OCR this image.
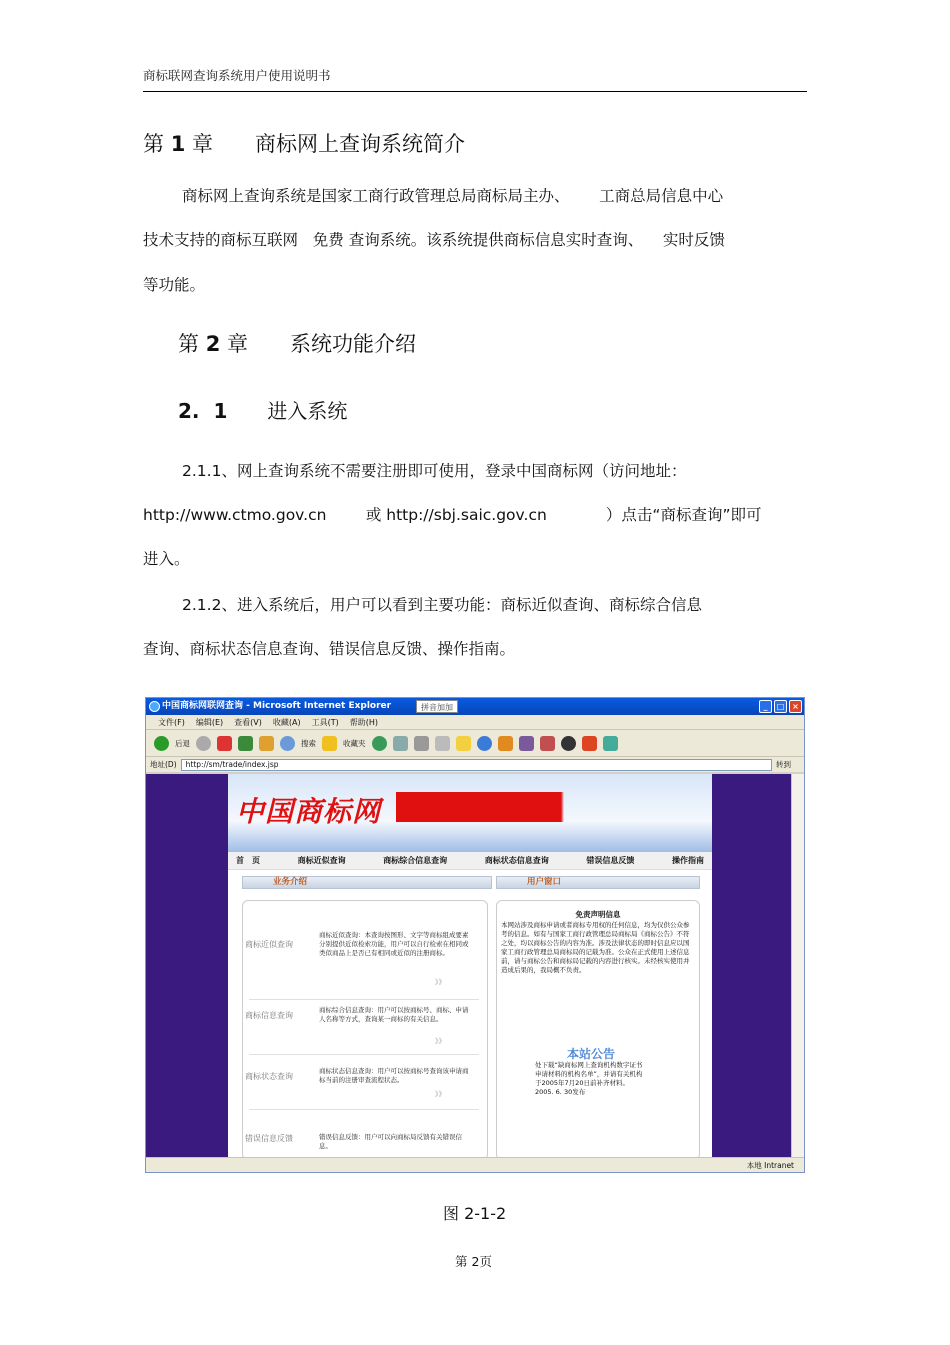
商标联网查询系统用户使用说明书
第 1 章　　 商标网上查询系统简介
商标网上查询系统是国家工商行政管理总局商标局主办、      工商总局信息中心
技术支持的商标互联网   免费 查询系统。该系统提供商标信息实时查询、    实时反馈
等功能。
第 2 章　　 系统功能介绍
2.  1　　 进入系统
2.1.1、网上查询系统不需要注册即可使用，登录中国商标网（访问地址：
http://www.ctmo.gov.cn        或 http://sbj.saic.gov.cn            ）点击“商标查询”即可
进入。
2.1.2、进入系统后，用户可以看到主要功能：商标近似查询、商标综合信息
查询、商标状态信息查询、错误信息反馈、操作指南。
中国商标网联网查询 - Microsoft Internet Explorer	拼音加加	_	□ ×
文件(F) 编辑(E) 查看(V) 收藏(A) 工具(T) 帮助(H)
后退	搜索	收藏夹
地址(D)	http://sm/trade/index.jsp	转到
中国商标网
首　页	商标近似查询	商标综合信息查询	商标状态信息查询	错误信息反馈	操作指南
业务介绍	用户窗口
商标近似查询
商标近似查询：本查询按图形、文字等商标组成要素分别提供近似检索功能，用户可以自行检索在相同或类似商品上是否已有相同或近似的注册商标。
》》
商标信息查询
商标综合信息查询：用户可以按商标号、商标、申请人名称等方式，查询某一商标的有关信息。
》》
商标状态查询
商标状态信息查询：用户可以按商标号查询该申请商标当前的注册审查流程状态。
》》
错误信息反馈	错误信息反馈：用户可以向商标局反馈有关错误信息。
免责声明信息
本网站涉及商标申请或者商标专用权的任何信息，均为仅供公众参考的信息。如有与国家工商行政管理总局商标局《商标公告》不符之处，均以商标公告的内容为准。涉及法律状态的即时信息应以国家工商行政管理总局商标局的记载为准。公众在正式使用上述信息前，请与商标公告和商标局记载的内容进行核实。未经核实使用并造成后果的，我局概不负责。
本站公告
处下载“缺商标网上查询机构数字证书申请材料的机构名单”，并请有关机构于2005年7月20日前补齐材料。2005. 6. 30发布
本地 Intranet
图 2-1-2
第 2页
